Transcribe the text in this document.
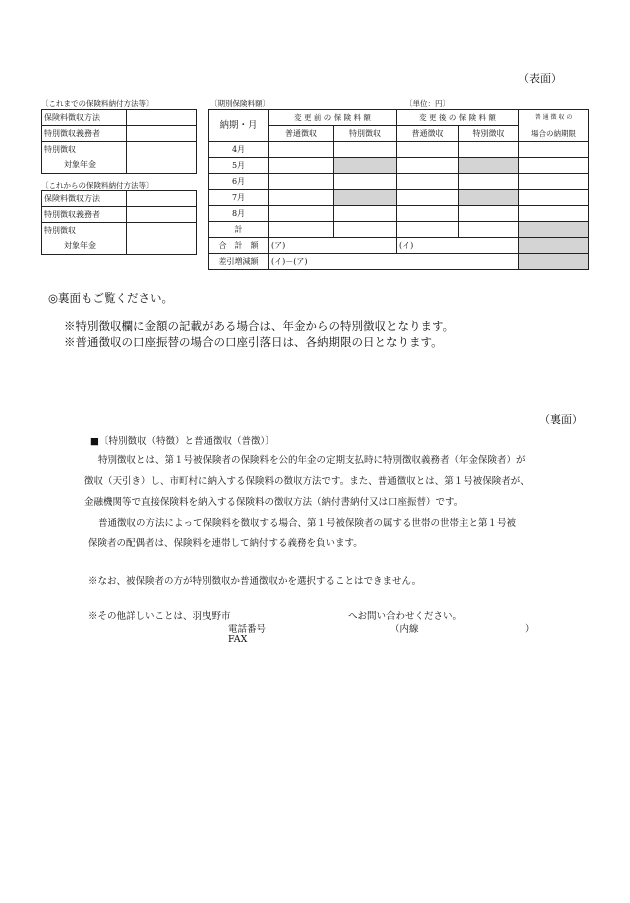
（表面）
〔これまでの保険料納付方法等〕
保険料徴収方法	
特別徴収義務者	
特別徴収	
対象年金	
〔これからの保険料納付方法等〕
保険料徴収方法	
特別徴収義務者	
特別徴収	
対象年金	
〔期別保険料額〕	〔単位：円〕
納期・月	変 更 前 の 保 険 料 額		変 更 後 の 保 険 料 額		普 通 徴 収 の
	普通徴収	特別徴収	普通徴収	特別徴収	場合の納期限
4月					
5月					
6月					
7月					
8月					
計					
合　計　額	(ア)		(イ)		
差引増減額	(イ)－(ア)				
◎裏面もご覧ください。
※特別徴収欄に金額の記載がある場合は、年金からの特別徴収となります。
※普通徴収の口座振替の場合の口座引落日は、各納期限の日となります。
（裏面）
■〔特別徴収（特徴）と普通徴収（普徴）〕
特別徴収とは、第１号被保険者の保険料を公的年金の定期支払時に特別徴収義務者（年金保険者）が
徴収（天引き）し、市町村に納入する保険料の徴収方法です。また、普通徴収とは、第１号被保険者が、
金融機関等で直接保険料を納入する保険料の徴収方法（納付書納付又は口座振替）です。
普通徴収の方法によって保険料を徴収する場合、第１号被保険者の属する世帯の世帯主と第１号被
保険者の配偶者は、保険料を連帯して納付する義務を負います。
※なお、被保険者の方が特別徴収か普通徴収かを選択することはできません。
※その他詳しいことは、羽曳野市	へお問い合わせください。
電話番号	（内線	）
FAX
